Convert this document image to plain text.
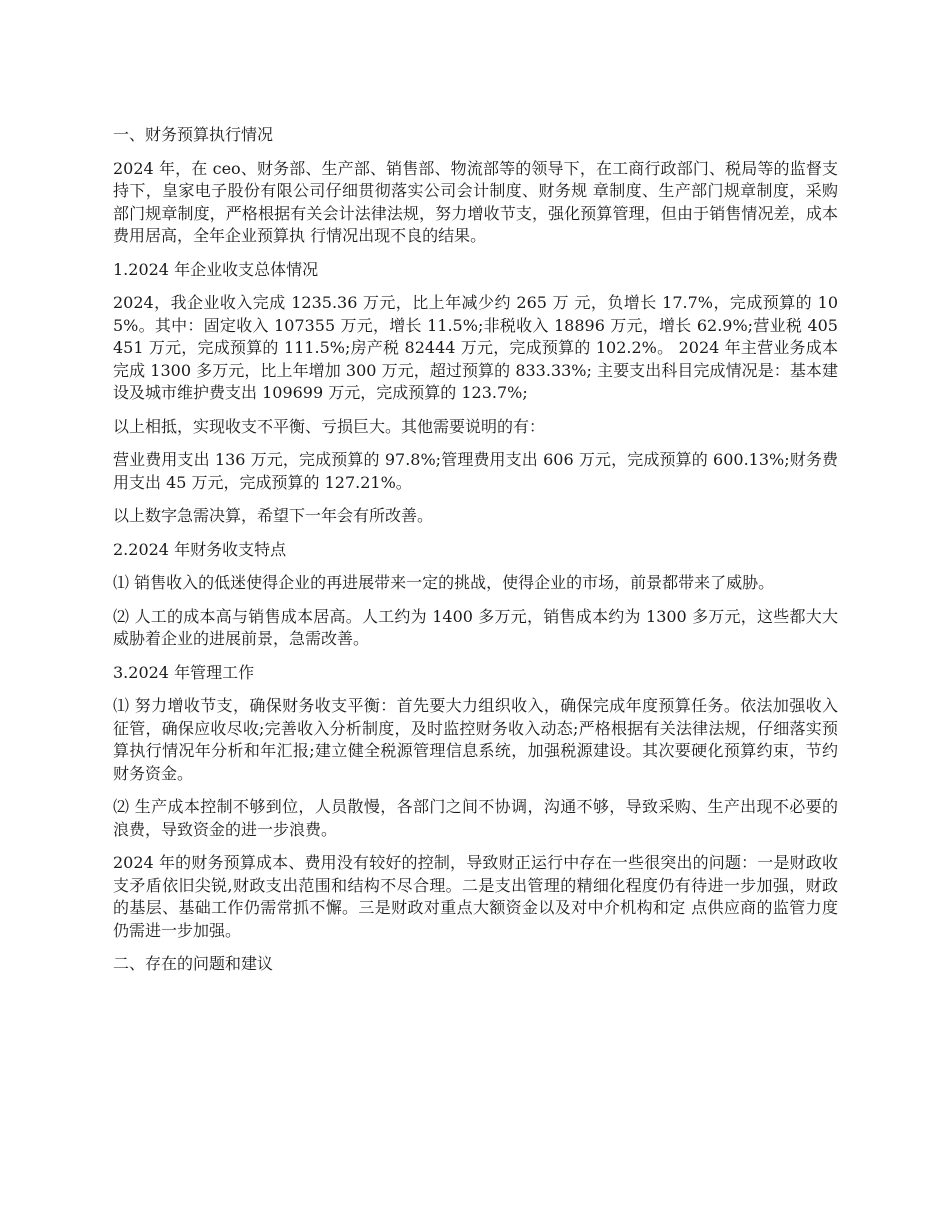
一、财务预算执行情况

2024 年，在 ceo、财务部、生产部、销售部、物流部等的领导下，在工商行政部门、税局等的监督支持下，皇家电子股份有限公司仔细贯彻落实公司会计制度、财务规 章制度、生产部门规章制度，采购部门规章制度，严格根据有关会计法律法规，努力增收节支，强化预算管理，但由于销售情况差，成本费用居高，全年企业预算执 行情况出现不良的结果。

1.2024 年企业收支总体情况

2024，我企业收入完成 1235.36 万元，比上年减少约 265 万 元，负增长 17.7%，完成预算的 105%。其中：固定收入 107355 万元，增长 11.5%;非税收入 18896 万元，增长 62.9%;营业税 405451 万元，完成预算的 111.5%;房产税 82444 万元，完成预算的 102.2%。 2024 年主营业务成本完成 1300 多万元，比上年增加 300 万元，超过预算的 833.33%; 主要支出科目完成情况是：基本建设及城市维护费支出 109699 万元，完成预算的 123.7%;

以上相抵，实现收支不平衡、亏损巨大。其他需要说明的有：

营业费用支出 136 万元，完成预算的 97.8%;管理费用支出 606 万元，完成预算的 600.13%;财务费用支出 45 万元，完成预算的 127.21%。

以上数字急需决算，希望下一年会有所改善。

2.2024 年财务收支特点

⑴ 销售收入的低迷使得企业的再进展带来一定的挑战，使得企业的市场，前景都带来了威胁。

⑵ 人工的成本高与销售成本居高。人工约为 1400 多万元，销售成本约为 1300 多万元，这些都大大威胁着企业的进展前景，急需改善。

3.2024 年管理工作

⑴ 努力增收节支，确保财务收支平衡：首先要大力组织收入，确保完成年度预算任务。依法加强收入征管，确保应收尽收;完善收入分析制度，及时监控财务收入动态;严格根据有关法律法规，仔细落实预算执行情况年分析和年汇报;建立健全税源管理信息系统，加强税源建设。其次要硬化预算约束，节约财务资金。

⑵ 生产成本控制不够到位，人员散慢，各部门之间不协调，沟通不够，导致采购、生产出现不必要的浪费，导致资金的进一步浪费。

2024 年的财务预算成本、费用没有较好的控制，导致财正运行中存在一些很突出的问题：一是财政收支矛盾依旧尖锐,财政支出范围和结构不尽合理。二是支出管理的精细化程度仍有待进一步加强，财政的基层、基础工作仍需常抓不懈。三是财政对重点大额资金以及对中介机构和定 点供应商的监管力度仍需进一步加强。

二、存在的问题和建议
